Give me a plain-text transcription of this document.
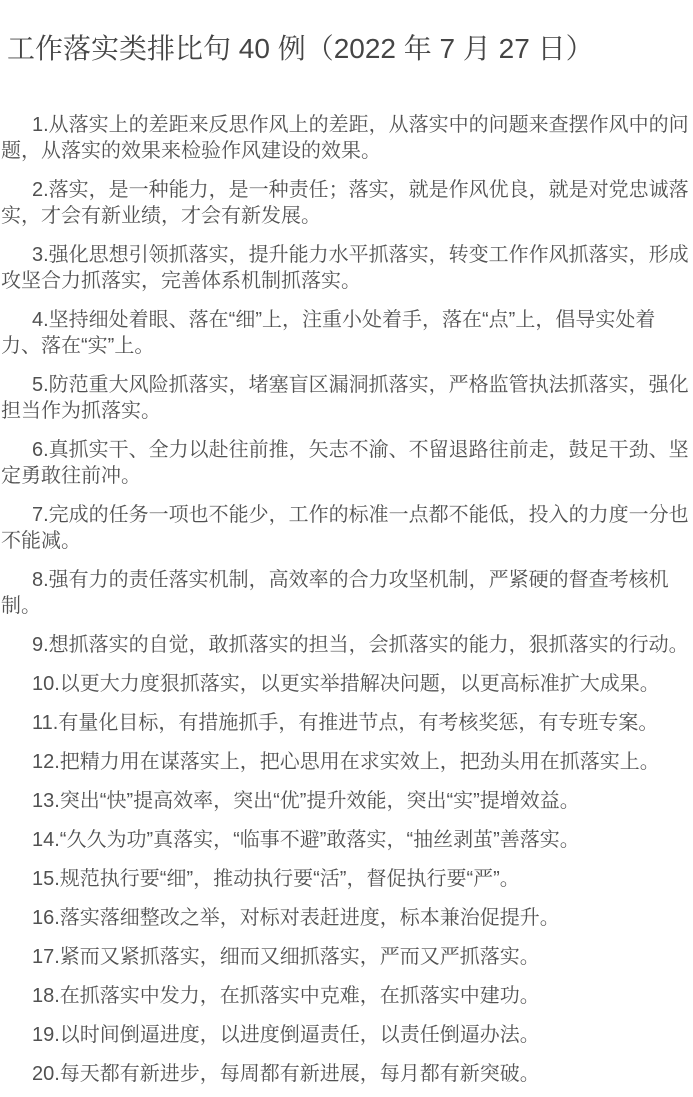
工作落实类排比句 40 例（2022 年 7 月 27 日）

1.从落实上的差距来反思作风上的差距，从落实中的问题来查摆作风中的问题，从落实的效果来检验作风建设的效果。

2.落实，是一种能力，是一种责任；落实，就是作风优良，就是对党忠诚落实，才会有新业绩，才会有新发展。

3.强化思想引领抓落实，提升能力水平抓落实，转变工作作风抓落实，形成攻坚合力抓落实，完善体系机制抓落实。

4.坚持细处着眼、落在“细”上，注重小处着手，落在“点”上，倡导实处着力、落在“实”上。

5.防范重大风险抓落实，堵塞盲区漏洞抓落实，严格监管执法抓落实，强化担当作为抓落实。

6.真抓实干、全力以赴往前推，矢志不渝、不留退路往前走，鼓足干劲、坚定勇敢往前冲。

7.完成的任务一项也不能少，工作的标准一点都不能低，投入的力度一分也不能减。

8.强有力的责任落实机制，高效率的合力攻坚机制，严紧硬的督查考核机制。

9.想抓落实的自觉，敢抓落实的担当，会抓落实的能力，狠抓落实的行动。

10.以更大力度狠抓落实，以更实举措解决问题，以更高标准扩大成果。

11.有量化目标，有措施抓手，有推进节点，有考核奖惩，有专班专案。

12.把精力用在谋落实上，把心思用在求实效上，把劲头用在抓落实上。

13.突出“快”提高效率，突出“优”提升效能，突出“实”提增效益。

14.“久久为功”真落实，“临事不避”敢落实，“抽丝剥茧”善落实。

15.规范执行要“细”，推动执行要“活”，督促执行要“严”。

16.落实落细整改之举，对标对表赶进度，标本兼治促提升。

17.紧而又紧抓落实，细而又细抓落实，严而又严抓落实。

18.在抓落实中发力，在抓落实中克难，在抓落实中建功。

19.以时间倒逼进度，以进度倒逼责任，以责任倒逼办法。

20.每天都有新进步，每周都有新进展，每月都有新突破。
